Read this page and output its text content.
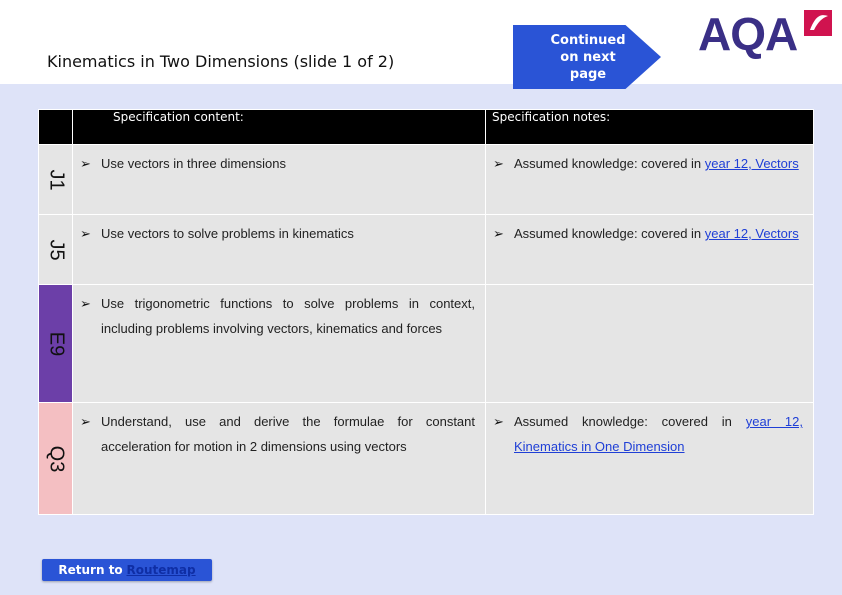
Kinematics in Two Dimensions (slide 1 of 2)
Continued
on next
page
AQA
	Specification content:	Specification notes:

J1	➢ Use vectors in three dimensions	➢ Assumed knowledge: covered in year 12, Vectors

J5	➢ Use vectors to solve problems in kinematics	➢ Assumed knowledge: covered in year 12, Vectors

E9	➢ Use trigonometric functions to solve problems in context, including problems involving vectors, kinematics and forces

Q3	➢ Understand, use and derive the formulae for constant acceleration for motion in 2 dimensions using vectors	➢ Assumed knowledge: covered in year 12, Kinematics in One Dimension
Return to Routemap
